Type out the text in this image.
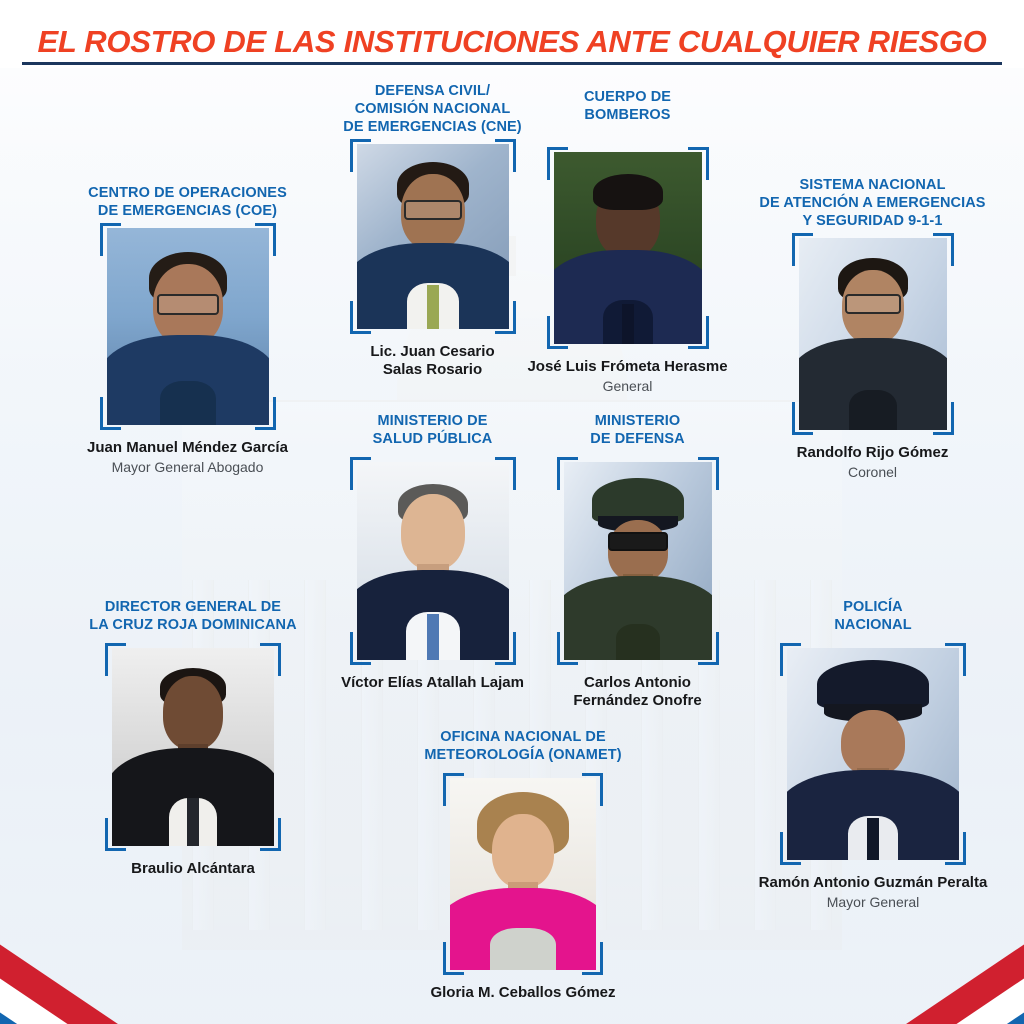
EL ROSTRO DE LAS INSTITUCIONES ANTE CUALQUIER RIESGO
CENTRO DE OPERACIONES
DE EMERGENCIAS (COE)
Juan Manuel Méndez García
Mayor General Abogado
DEFENSA CIVIL/
COMISIÓN NACIONAL
DE EMERGENCIAS (CNE)
Lic. Juan Cesario
Salas Rosario
CUERPO DE
BOMBEROS
José Luis Frómeta Herasme
General
SISTEMA NACIONAL
DE ATENCIÓN A EMERGENCIAS
Y SEGURIDAD 9-1-1
Randolfo Rijo Gómez
Coronel
MINISTERIO DE
SALUD PÚBLICA
Víctor Elías Atallah Lajam
MINISTERIO
DE DEFENSA
Carlos Antonio
Fernández Onofre
DIRECTOR GENERAL DE
LA CRUZ ROJA DOMINICANA
Braulio Alcántara
POLICÍA
NACIONAL
Ramón Antonio Guzmán Peralta
Mayor General
OFICINA NACIONAL DE
METEOROLOGÍA (ONAMET)
Gloria M. Ceballos Gómez
